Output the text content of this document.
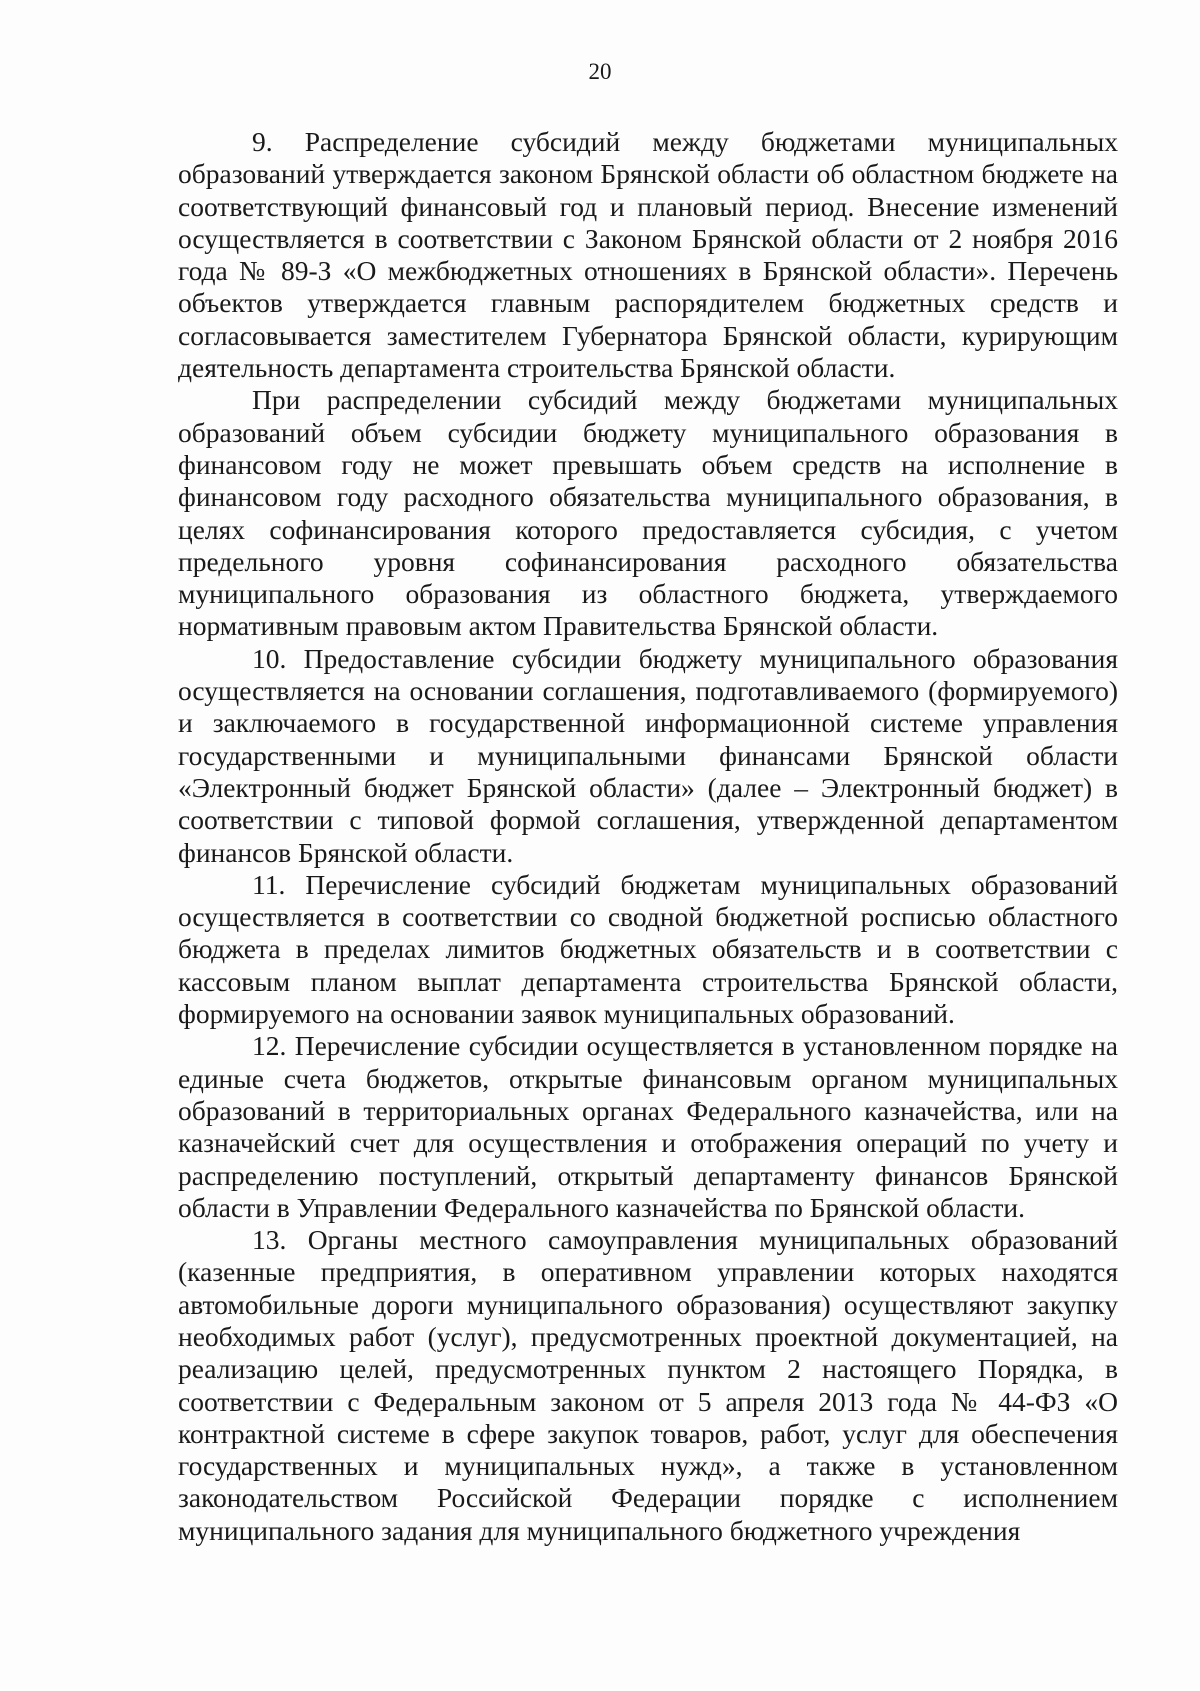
20

9. Распределение субсидий между бюджетами муниципальных образований утверждается законом Брянской области об областном бюджете на соответствующий финансовый год и плановый период. Внесение изменений осуществляется в соответствии с Законом Брянской области от 2 ноября 2016 года № 89-З «О межбюджетных отношениях в Брянской области». Перечень объектов утверждается главным распорядителем бюджетных средств и согласовывается заместителем Губернатора Брянской области, курирующим деятельность департамента строительства Брянской области.

При распределении субсидий между бюджетами муниципальных образований объем субсидии бюджету муниципального образования в финансовом году не может превышать объем средств на исполнение в финансовом году расходного обязательства муниципального образования, в целях софинансирования которого предоставляется субсидия, с учетом предельного уровня софинансирования расходного обязательства муниципального образования из областного бюджета, утверждаемого нормативным правовым актом Правительства Брянской области.

10. Предоставление субсидии бюджету муниципального образования осуществляется на основании соглашения, подготавливаемого (формируемого) и заключаемого в государственной информационной системе управления государственными и муниципальными финансами Брянской области «Электронный бюджет Брянской области» (далее – Электронный бюджет) в соответствии с типовой формой соглашения, утвержденной департаментом финансов Брянской области.

11. Перечисление субсидий бюджетам муниципальных образований осуществляется в соответствии со сводной бюджетной росписью областного бюджета в пределах лимитов бюджетных обязательств и в соответствии с кассовым планом выплат департамента строительства Брянской области, формируемого на основании заявок муниципальных образований.

12. Перечисление субсидии осуществляется в установленном порядке на единые счета бюджетов, открытые финансовым органом муниципальных образований в территориальных органах Федерального казначейства, или на казначейский счет для осуществления и отображения операций по учету и распределению поступлений, открытый департаменту финансов Брянской области в Управлении Федерального казначейства по Брянской области.

13. Органы местного самоуправления муниципальных образований (казенные предприятия, в оперативном управлении которых находятся автомобильные дороги муниципального образования) осуществляют закупку необходимых работ (услуг), предусмотренных проектной документацией, на реализацию целей, предусмотренных пунктом 2 настоящего Порядка, в соответствии с Федеральным законом от 5 апреля 2013 года № 44-ФЗ «О контрактной системе в сфере закупок товаров, работ, услуг для обеспечения государственных и муниципальных нужд», а также в установленном законодательством Российской Федерации порядке с исполнением муниципального задания для муниципального бюджетного учреждения
